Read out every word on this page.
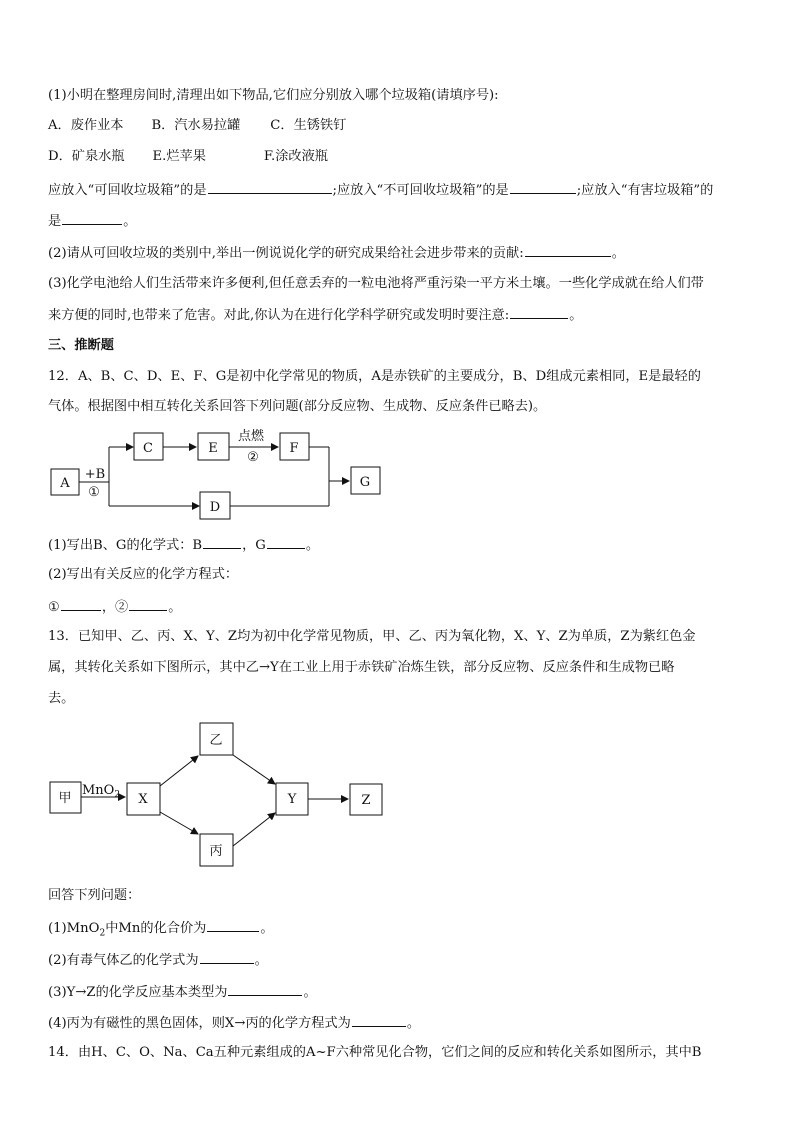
(1)小明在整理房间时,清理出如下物品,它们应分别放入哪个垃圾箱(请填序号):
A．废作业本 B．汽水易拉罐 C．生锈铁钉
D．矿泉水瓶 E.烂苹果	F.涂改液瓶
应放入“可回收垃圾箱”的是	;应放入“不可回收垃圾箱”的是	;应放入“有害垃圾箱”的
是	。
(2)请从可回收垃圾的类别中,举出一例说说化学的研究成果给社会进步带来的贡献:	。
(3)化学电池给人们生活带来许多便利,但任意丢弃的一粒电池将严重污染一平方米土壤。一些化学成就在给人们带
来方便的同时,也带来了危害。对此,你认为在进行化学科学研究或发明时要注意:	。
三、推断题
12．A、B、C、D、E、F、G是初中化学常见的物质，A是赤铁矿的主要成分，B、D组成元素相同，E是最轻的
气体。根据图中相互转化关系回答下列问题(部分反应物、生成物、反应条件已略去)。
A
+B
①
C	E
点燃
②
F
D
G
(1)写出B、G的化学式：B	，G	。
(2)写出有关反应的化学方程式：
①	，②	。
13．已知甲、乙、丙、X、Y、Z均为初中化学常见物质，甲、乙、丙为氧化物，X、Y、Z为单质，Z为紫红色金
属，其转化关系如下图所示，其中乙→Y在工业上用于赤铁矿冶炼生铁，部分反应物、反应条件和生成物已略
去。
甲
MnO$_2$ X
乙
丙
Y	Z
回答下列问题：
(1)MnO$_2$中Mn的化合价为	。
(2)有毒气体乙的化学式为	。
(3)Y→Z的化学反应基本类型为	。
(4)丙为有磁性的黑色固体，则X→丙的化学方程式为	。
14．由H、C、O、Na、Ca五种元素组成的A~F六种常见化合物，它们之间的反应和转化关系如图所示，其中B
